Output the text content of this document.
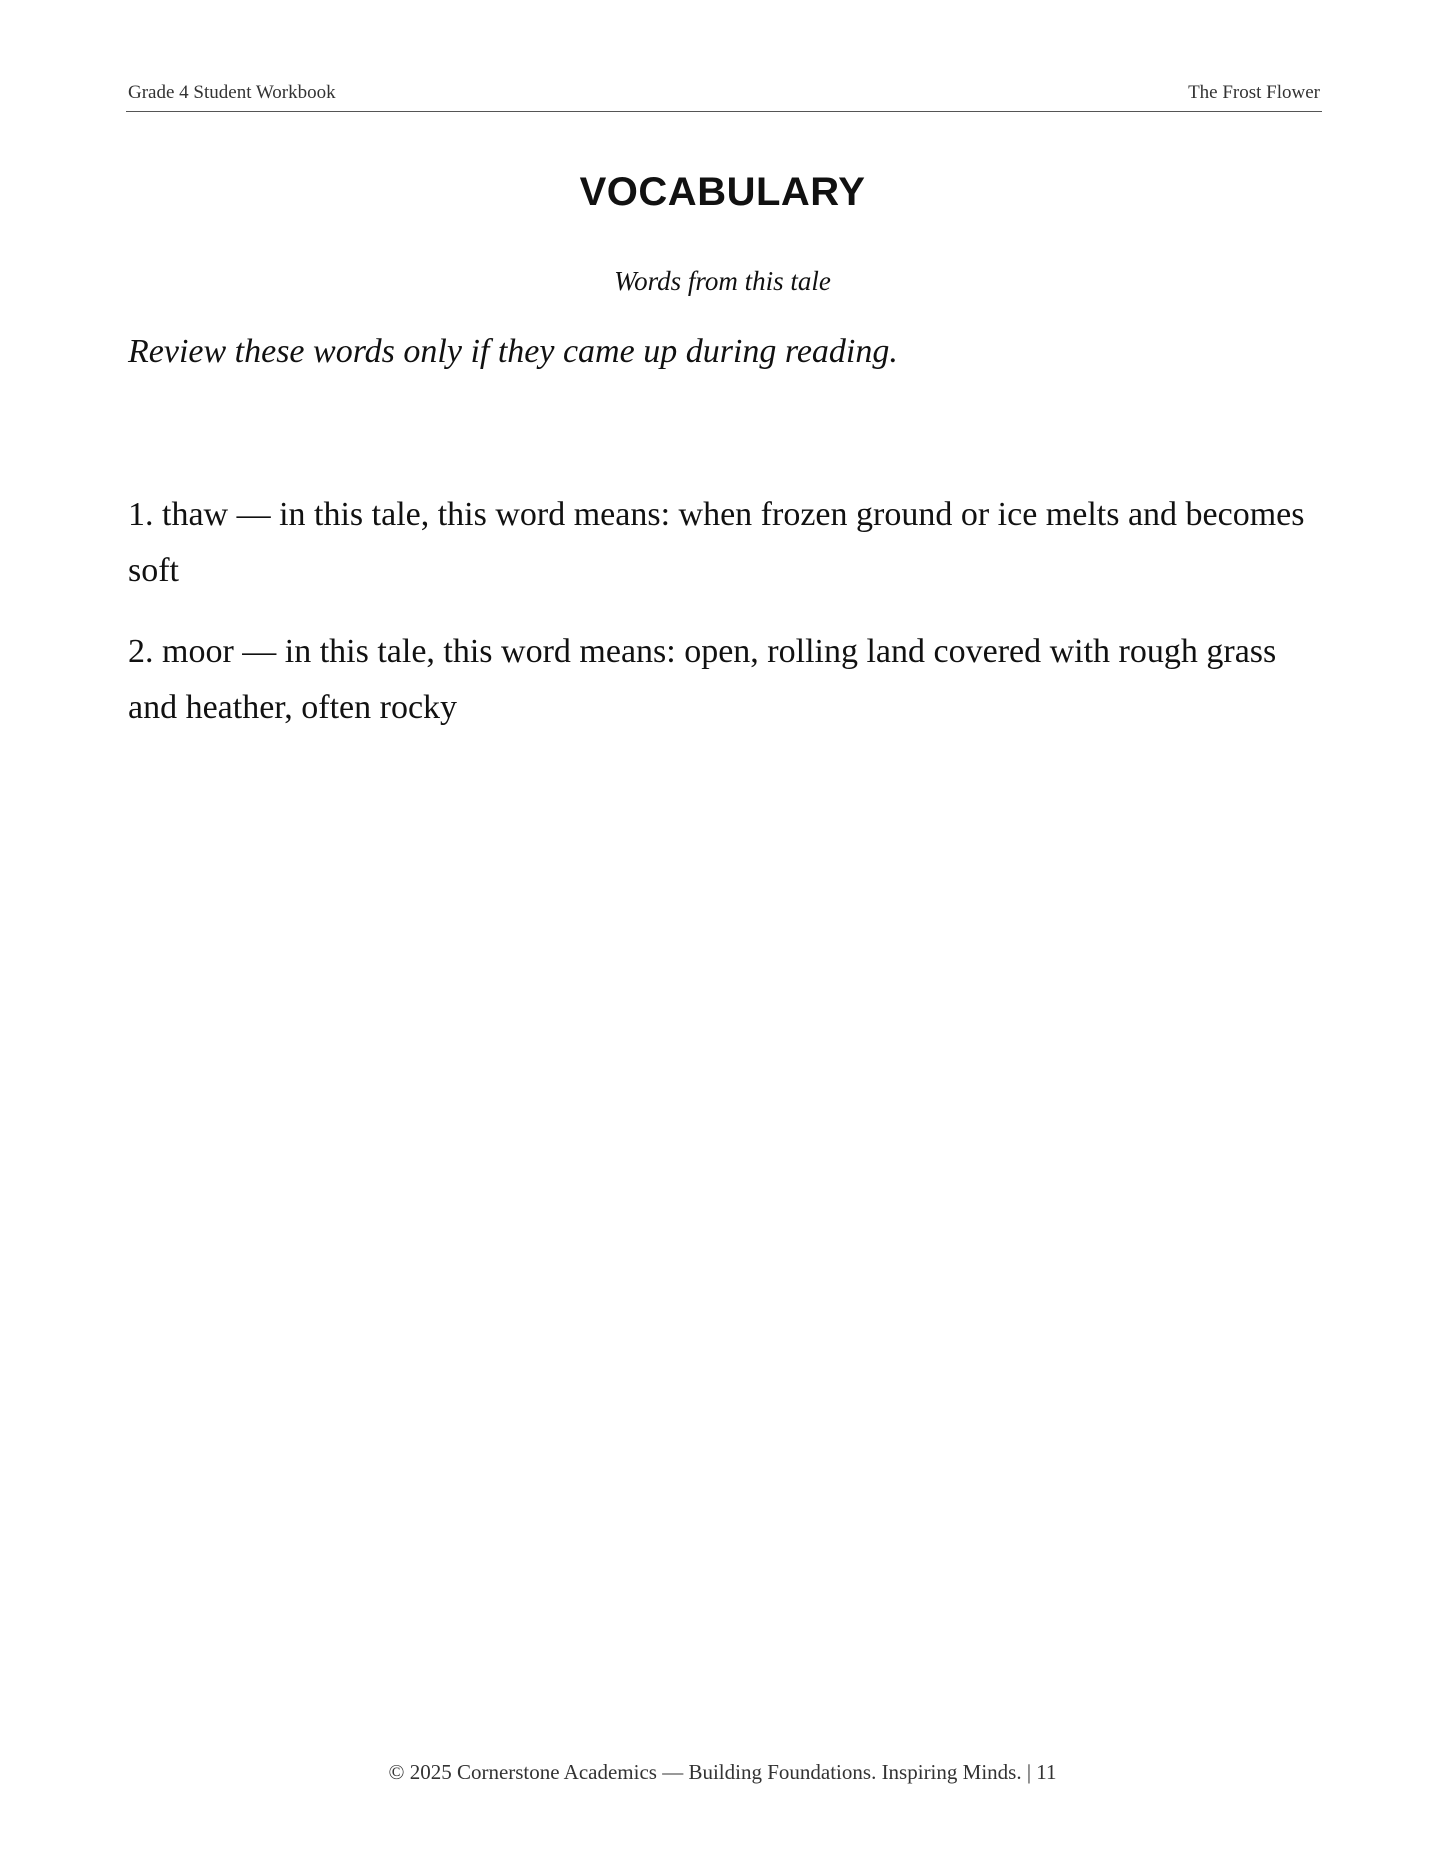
Grade 4 Student Workbook	The Frost Flower
VOCABULARY
Words from this tale
Review these words only if they came up during reading.
1. thaw — in this tale, this word means: when frozen ground or ice melts and becomes soft
2. moor — in this tale, this word means: open, rolling land covered with rough grass and heather, often rocky
© 2025 Cornerstone Academics — Building Foundations. Inspiring Minds. | 11
